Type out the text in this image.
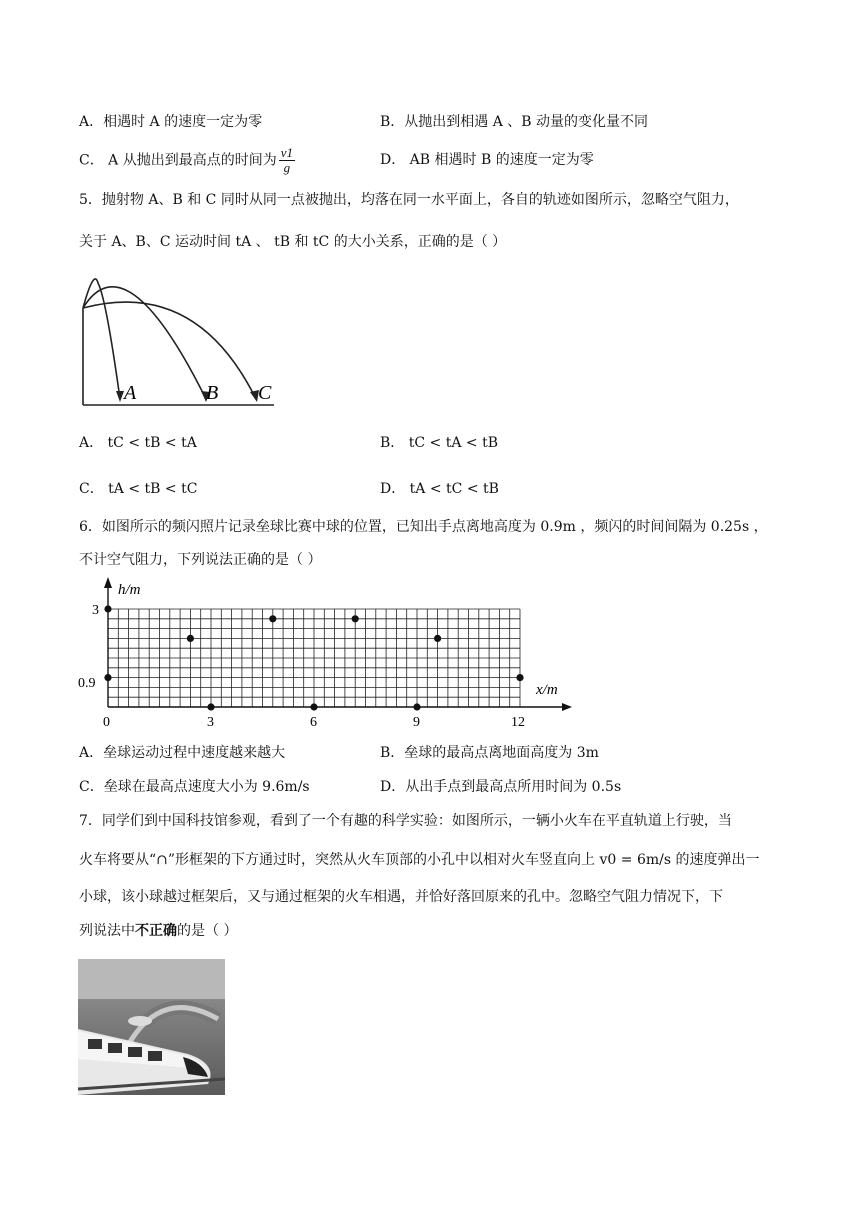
A．相遇时 A 的速度一定为零	B．从抛出到相遇 A 、B 动量的变化量不同
C． A 从抛出到最高点的时间为 $\frac{v1}{g}$	D． AB 相遇时 B 的速度一定为零
5．抛射物 A、B 和 C 同时从同一点被抛出，均落在同一水平面上，各自的轨迹如图所示，忽略空气阻力，
关于 A、B、C 运动时间 tA 、 tB 和 tC 的大小关系，正确的是（ ）
A	B C
A． tC < tB < tA	B． tC < tA < tB
C． tA < tB < tC	D． tA < tC < tB
6．如图所示的频闪照片记录垒球比赛中球的位置，已知出手点离地高度为 0.9m ，频闪的时间间隔为 0.25s ，
不计空气阻力，下列说法正确的是（ ）
h/m
x/m
3
0.9
0	3	6	9	12
A．垒球运动过程中速度越来越大	B．垒球的最高点离地面高度为 3m
C．垒球在最高点速度大小为 9.6m/s	D．从出手点到最高点所用时间为 0.5s
7．同学们到中国科技馆参观，看到了一个有趣的科学实验：如图所示，一辆小火车在平直轨道上行驶，当
火车将要从“∩”形框架的下方通过时，突然从火车顶部的小孔中以相对火车竖直向上 v0 = 6m/s 的速度弹出一
小球，该小球越过框架后，又与通过框架的火车相遇，并恰好落回原来的孔中。忽略空气阻力情况下，下
列说法中不正确的是（ ）
